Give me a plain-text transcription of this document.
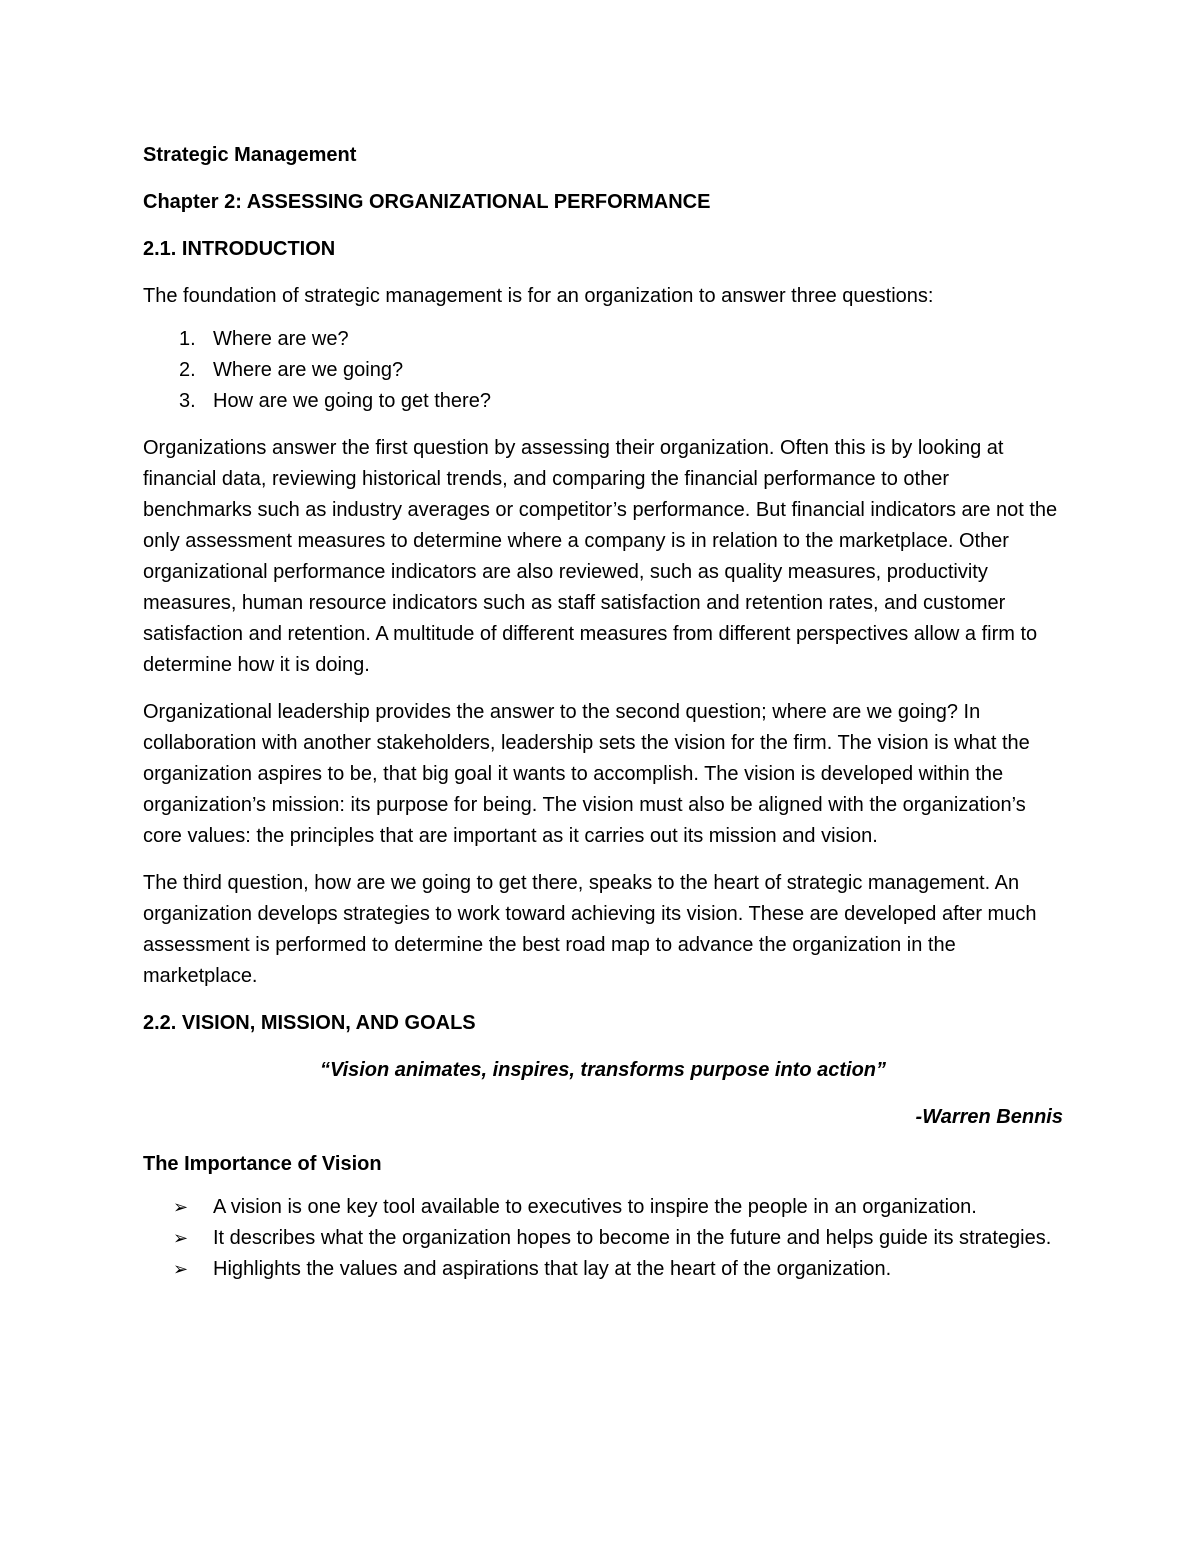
Strategic Management
Chapter 2: ASSESSING ORGANIZATIONAL PERFORMANCE
2.1. INTRODUCTION
The foundation of strategic management is for an organization to answer three questions:
1. Where are we?
2. Where are we going?
3. How are we going to get there?
Organizations answer the first question by assessing their organization. Often this is by looking at financial data, reviewing historical trends, and comparing the financial performance to other benchmarks such as industry averages or competitor’s performance. But financial indicators are not the only assessment measures to determine where a company is in relation to the marketplace. Other organizational performance indicators are also reviewed, such as quality measures, productivity measures, human resource indicators such as staff satisfaction and retention rates, and customer satisfaction and retention. A multitude of different measures from different perspectives allow a firm to determine how it is doing.
Organizational leadership provides the answer to the second question; where are we going? In collaboration with another stakeholders, leadership sets the vision for the firm. The vision is what the organization aspires to be, that big goal it wants to accomplish. The vision is developed within the organization’s mission: its purpose for being. The vision must also be aligned with the organization’s core values: the principles that are important as it carries out its mission and vision.
The third question, how are we going to get there, speaks to the heart of strategic management. An organization develops strategies to work toward achieving its vision. These are developed after much assessment is performed to determine the best road map to advance the organization in the marketplace.
2.2. VISION, MISSION, AND GOALS
“Vision animates, inspires, transforms purpose into action”
-Warren Bennis
The Importance of Vision
➢ A vision is one key tool available to executives to inspire the people in an organization.
➢ It describes what the organization hopes to become in the future and helps guide its strategies.
➢ Highlights the values and aspirations that lay at the heart of the organization.
